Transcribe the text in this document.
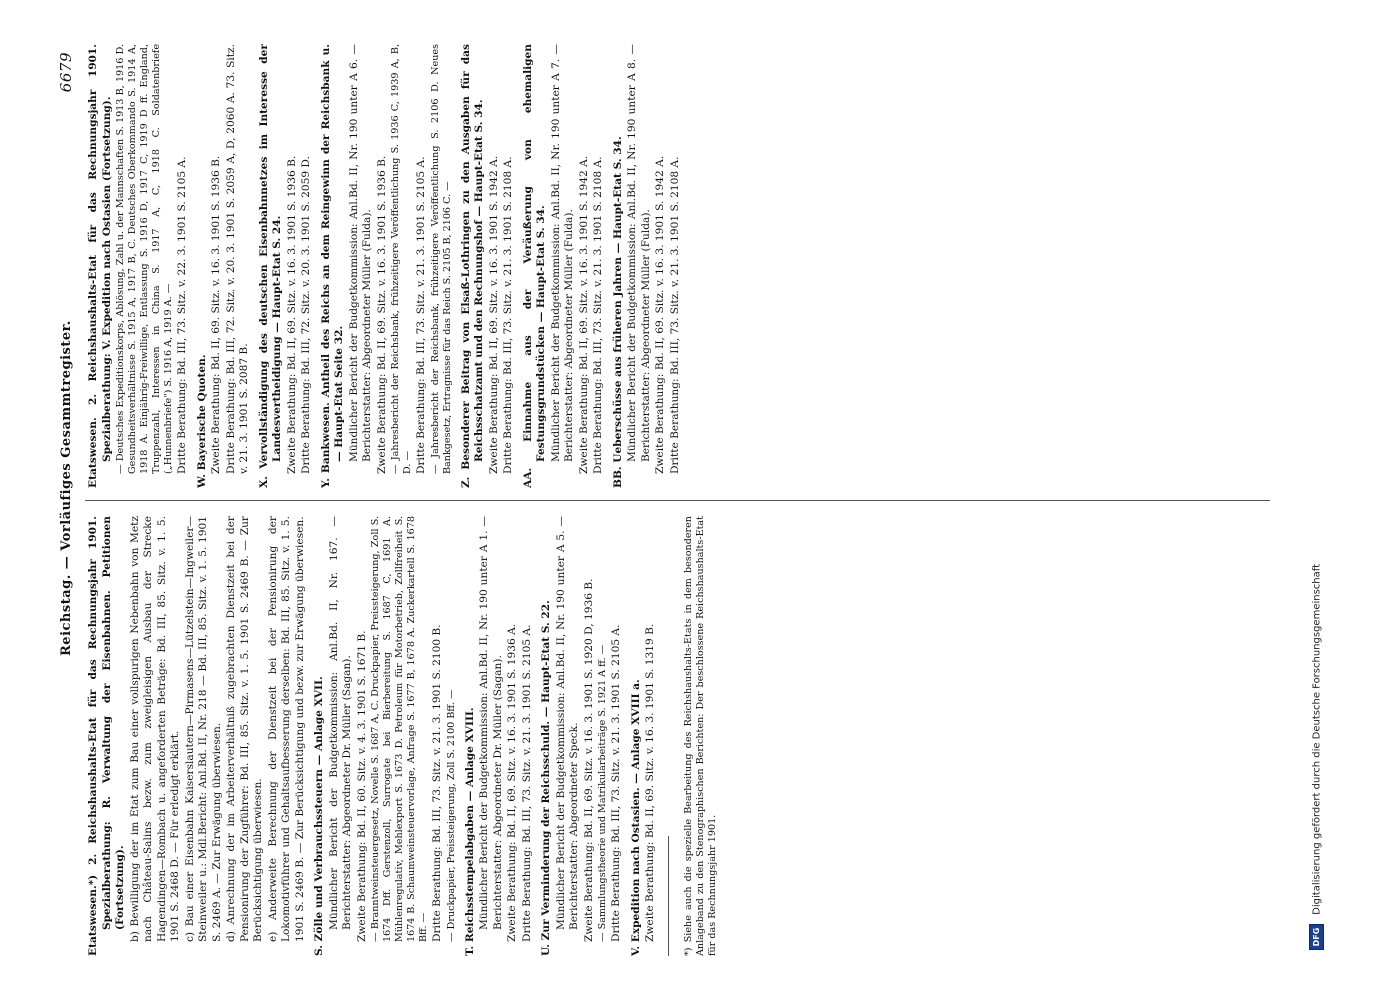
Reichstag. — Vorläufiges Gesammtregister.
6679
Etatswesen.*) 2. Reichshaushalts-Etat für das Rechnungsjahr 1901. Spezialberathung: R. Verwaltung der Eisenbahnen. Petitionen (Fortsetzung). b) Bewilligung der im Etat zum Bau einer vollspurigen Nebenbahn von Metz nach Château-Salins bezw. zum zweigleisigen Ausbau der Strecke Hagendingen—Rombach u. angeforderten Beträge: Bd. III, 85. Sitz. v. 1. 5. 1901 S. 2468 D. — Für erledigt erklärt. c) Bau einer Eisenbahn Kaiserslautern—Pirmasens—Lützelstein—Ingweiler—Steinweiler u.: Mdl.Bericht: Anl.Bd. II, Nr. 218 — Bd. III, 85. Sitz. v. 1. 5. 1901 S. 2469 A. — Zur Erwägung überwiesen. d) Anrechnung der im Arbeiterverhältniß zugebrachten Dienstzeit bei der Pensionirung der Zugführer: Bd. III, 85. Sitz. v. 1. 5. 1901 S. 2469 B. — Zur Berücksichtigung überwiesen. e) Anderweite Berechnung der Dienstzeit bei der Pensionirung der Lokomotivführer und Gehaltsaufbesserung derselben: Bd. III, 85. Sitz. v. 1. 5. 1901 S. 2469 B. — Zur Berücksichtigung und bezw. zur Erwägung überwiesen. S. Zölle und Verbrauchssteuern — Anlage XVII. Mündlicher Bericht der Budgetkommission: Anl.Bd. II, Nr. 167. — Berichterstatter: Abgeordneter Dr. Müller (Sagan). Zweite Berathung: Bd. II, 60. Sitz. v. 4. 3. 1901 S. 1671 B. — Branntweinsteuergesetz, Novelle S. 1687 A, C. Druckpapier, Preissteigerung, Zoll S. 1674 Dff. Gerstenzoll, Surrogate bei Bierbereitung S. 1687 C, 1691 A. Mühlenregulativ, Mehlexport S. 1673 D. Petroleum für Motorbetrieb, Zollfreiheit S. 1674 B. Schaumweinsteuervorlage, Anfrage S. 1677 B, 1678 A. Zuckerkartell S. 1678 Bff. — Dritte Berathung: Bd. III, 73. Sitz. v. 21. 3. 1901 S. 2100 B. — Druckpapier, Preissteigerung, Zoll S. 2100 Bff. — T. Reichsstempelabgaben — Anlage XVIII. Mündlicher Bericht der Budgetkommission: Anl.Bd. II, Nr. 190 unter A 1. — Berichterstatter: Abgeordneter Dr. Müller (Sagan). Zweite Berathung: Bd. II, 69. Sitz. v. 16. 3. 1901 S. 1936 A. Dritte Berathung: Bd. III, 73. Sitz. v. 21. 3. 1901 S. 2105 A. U. Zur Verminderung der Reichsschuld. — Haupt-Etat S. 22. Mündlicher Bericht der Budgetkommission: Anl.Bd. II, Nr. 190 unter A 5. — Berichterstatter: Abgeordneter Speck. Zweite Berathung: Bd. II, 69. Sitz. v. 16. 3. 1901 S. 1920 D, 1936 B. — Sammlungstheorie und Matrikularbeiträge S. 1921 A ff. — Dritte Berathung: Bd. III, 73. Sitz. v. 21. 3. 1901 S. 2105 A. V. Expedition nach Ostasien. — Anlage XVIII a. Zweite Berathung: Bd. II, 69. Sitz. v. 16. 3. 1901 S. 1319 B.	*) Siehe auch die spezielle Bearbeitung des Reichshaushalts-Etats in dem besonderen Anlageband zu den Stenographischen Berichten: Der beschlossene Reichshaushalts-Etat für das Rechnungsjahr 1901.
Etatswesen. 2. Reichshaushalts-Etat für das Rechnungsjahr 1901. Spezialberathung: V. Expedition nach Ostasien (Fortsetzung). — Deutsches Expeditionskorps, Ablösung, Zahl u. der Mannschaften S. 1913 B, 1916 D. Gesundheitsverhältnisse S. 1915 A, 1917 B, C. Deutsches Oberkommando S. 1914 A, 1918 A. Einjährig-Freiwillige, Entlassung S. 1916 D, 1917 C, 1919 D ff. England, Truppenzahl, Interessen in China S. 1917 A, C, 1918 C. Soldatenbriefe („Hunnenbriefe") S. 1916 A, 1919 A. — Dritte Berathung: Bd. III, 73. Sitz. v. 22. 3. 1901 S. 2105 A. W. Bayerische Quoten. Zweite Berathung: Bd. II, 69. Sitz. v. 16. 3. 1901 S. 1936 B. Dritte Berathung: Bd. III, 72. Sitz. v. 20. 3. 1901 S. 2059 A, D, 2060 A. 73. Sitz. v. 21. 3. 1901 S. 2087 B. X. Vervollständigung des deutschen Eisenbahnnetzes im Interesse der Landesvertheidigung — Haupt-Etat S. 24. Zweite Berathung: Bd. II, 69. Sitz. v. 16. 3. 1901 S. 1936 B. Dritte Berathung: Bd. III, 72. Sitz. v. 20. 3. 1901 S. 2059 D. Y. Bankwesen. Antheil des Reichs an dem Reingewinn der Reichsbank u. — Haupt-Etat Seite 32. Mündlicher Bericht der Budgetkommission: Anl.Bd. II, Nr. 190 unter A 6. — Berichterstatter: Abgeordneter Müller (Fulda). Zweite Berathung: Bd. II, 69. Sitz. v. 16. 3. 1901 S. 1936 B. — Jahresbericht der Reichsbank, frühzeitigere Veröffentlichung S. 1936 C, 1939 A, B, D. — Dritte Berathung: Bd. III, 73. Sitz. v. 21. 3. 1901 S. 2105 A. — Jahresbericht der Reichsbank, frühzeitigere Veröffentlichung S. 2106 D. Neues Bankgesetz, Ertragnisse für das Reich S. 2105 B, 2106 C. — Z. Besonderer Beitrag von Elsaß-Lothringen zu den Ausgaben für das Reichsschatzamt und den Rechnungshof — Haupt-Etat S. 34. Zweite Berathung: Bd. II, 69. Sitz. v. 16. 3. 1901 S. 1942 A. Dritte Berathung: Bd. III, 73. Sitz. v. 21. 3. 1901 S. 2108 A. AA. Einnahme aus der Veräußerung von ehemaligen Festungsgrundstücken — Haupt-Etat S. 34. Mündlicher Bericht der Budgetkommission: Anl.Bd. II, Nr. 190 unter A 7. — Berichterstatter: Abgeordneter Müller (Fulda). Zweite Berathung: Bd. II, 69. Sitz. v. 16. 3. 1901 S. 1942 A. Dritte Berathung: Bd. III, 73. Sitz. v. 21. 3. 1901 S. 2108 A. BB. Ueberschüsse aus früheren Jahren — Haupt-Etat S. 34. Mündlicher Bericht der Budgetkommission: Anl.Bd. II, Nr. 190 unter A 8. — Berichterstatter: Abgeordneter Müller (Fulda). Zweite Berathung: Bd. II, 69. Sitz. v. 16. 3. 1901 S. 1942 A. Dritte Berathung: Bd. III, 73. Sitz. v. 21. 3. 1901 S. 2108 A.
DFG Digitalisierung gefördert durch die Deutsche Forschungsgemeinschaft
